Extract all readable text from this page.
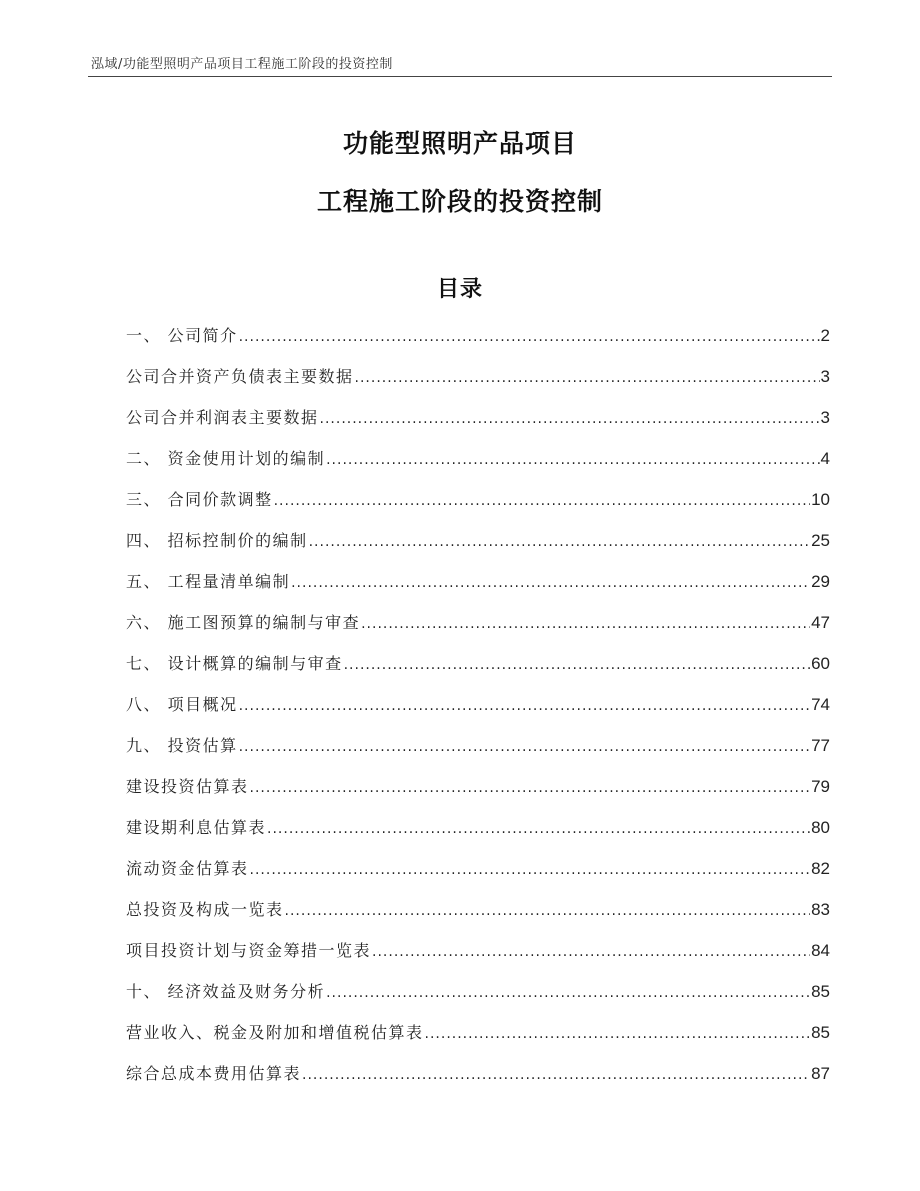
泓域/功能型照明产品项目工程施工阶段的投资控制
功能型照明产品项目
工程施工阶段的投资控制
目录
一、 公司简介 .....	2
公司合并资产负债表主要数据 .....	3
公司合并利润表主要数据 .....	3
二、 资金使用计划的编制 .....	4
三、 合同价款调整 .....	10
四、 招标控制价的编制 .....	25
五、 工程量清单编制 .....	29
六、 施工图预算的编制与审查 .....	47
七、 设计概算的编制与审查 .....	60
八、 项目概况 .....	74
九、 投资估算 .....	77
建设投资估算表 .....	79
建设期利息估算表 .....	80
流动资金估算表 .....	82
总投资及构成一览表 .....	83
项目投资计划与资金筹措一览表 .....	84
十、 经济效益及财务分析 .....	85
营业收入、税金及附加和增值税估算表 .....	85
综合总成本费用估算表 .....	87
